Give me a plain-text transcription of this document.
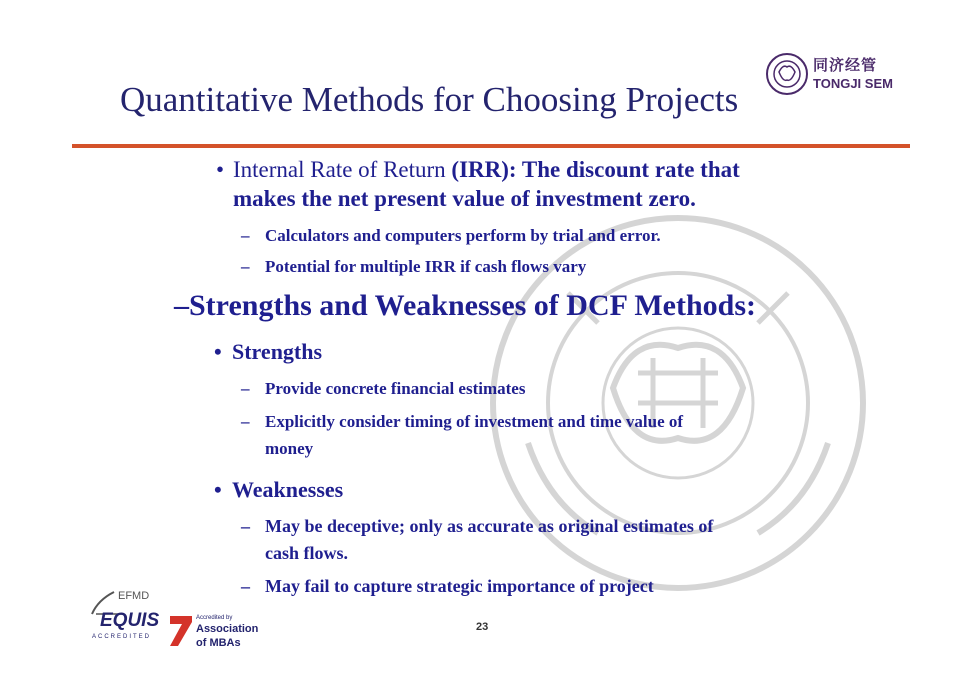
同济经管
TONGJI SEM
Quantitative Methods for Choosing Projects
• Internal Rate of Return (IRR): The discount rate that
makes the net present value of investment zero.
– Calculators and computers perform by trial and error.
– Potential for multiple IRR if cash flows vary
–Strengths and Weaknesses of DCF Methods:
• Strengths
– Provide concrete financial estimates
– Explicitly consider timing of investment and time value of
money
• Weaknesses
– May be deceptive; only as accurate as original estimates of
cash flows.
– May fail to capture strategic importance of project
23
EFMD
EQUIS
ACCREDITED
Accredited by
Association
of MBAs
